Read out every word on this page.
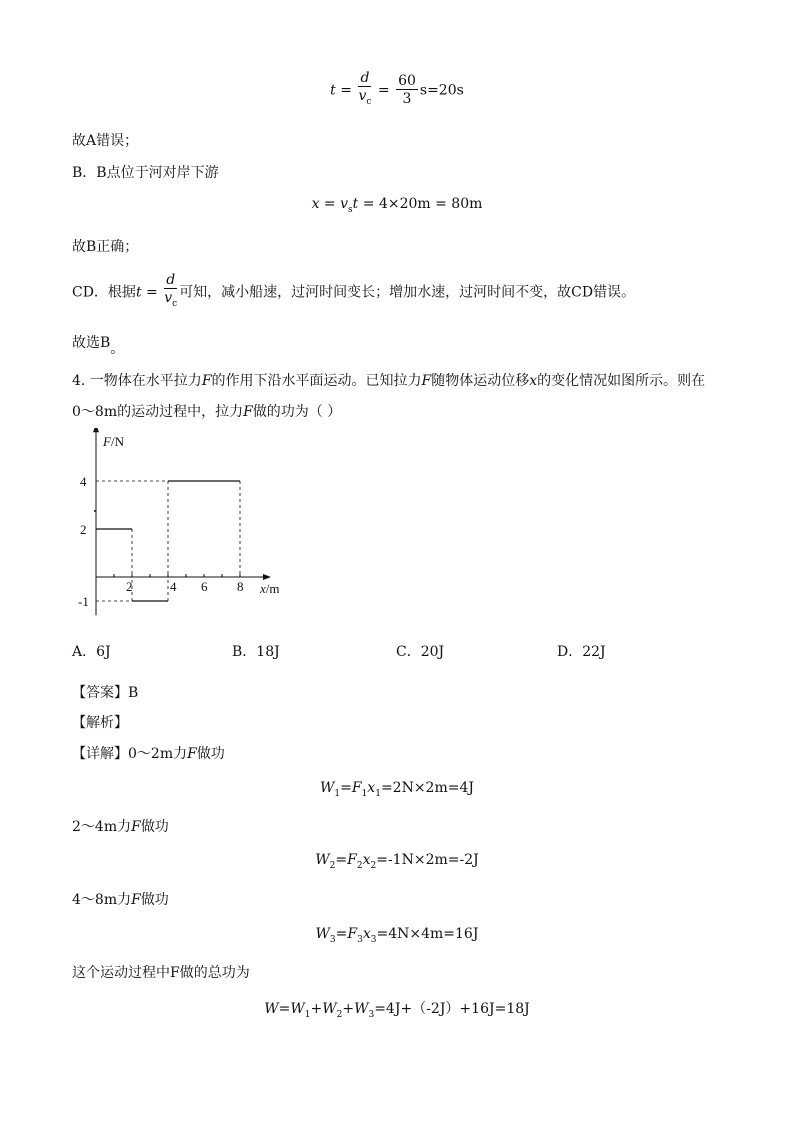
$t = \frac{d}{v_c} = \frac{60}{3} s=20s$
故A错误；
B．B点位于河对岸下游
$x = v_st = 4\times 20m = 80m$
故B正确；
CD．根据$t = \frac{d}{v_c}$ 可知，减小船速，过河时间变长；增加水速，过河时间不变，故CD错误。
故选B。
4. 一物体在水平拉力F的作用下沿水平面运动。已知拉力F随物体运动位移x的变化情况如图所示。则在
0～8m的运动过程中，拉力F做的功为（ ）
2	4 6 8
4
2
-1
F/N
x/m
A．6J	B．18J	C．20J	D．22J
【答案】B
【解析】
【详解】0～2m力F做功
$W_1=F_1x_1=2N\times 2m=4J$
2～4m力F做功
$W_2=F_2x_2=-1N\times 2m=-2J$
4～8m力F做功
$W_3=F_3x_3=4N\times 4m=16J$
这个运动过程中F做的总功为
$W=W_1+W_2+W_3=4J+(-2J)+16J=18J$
